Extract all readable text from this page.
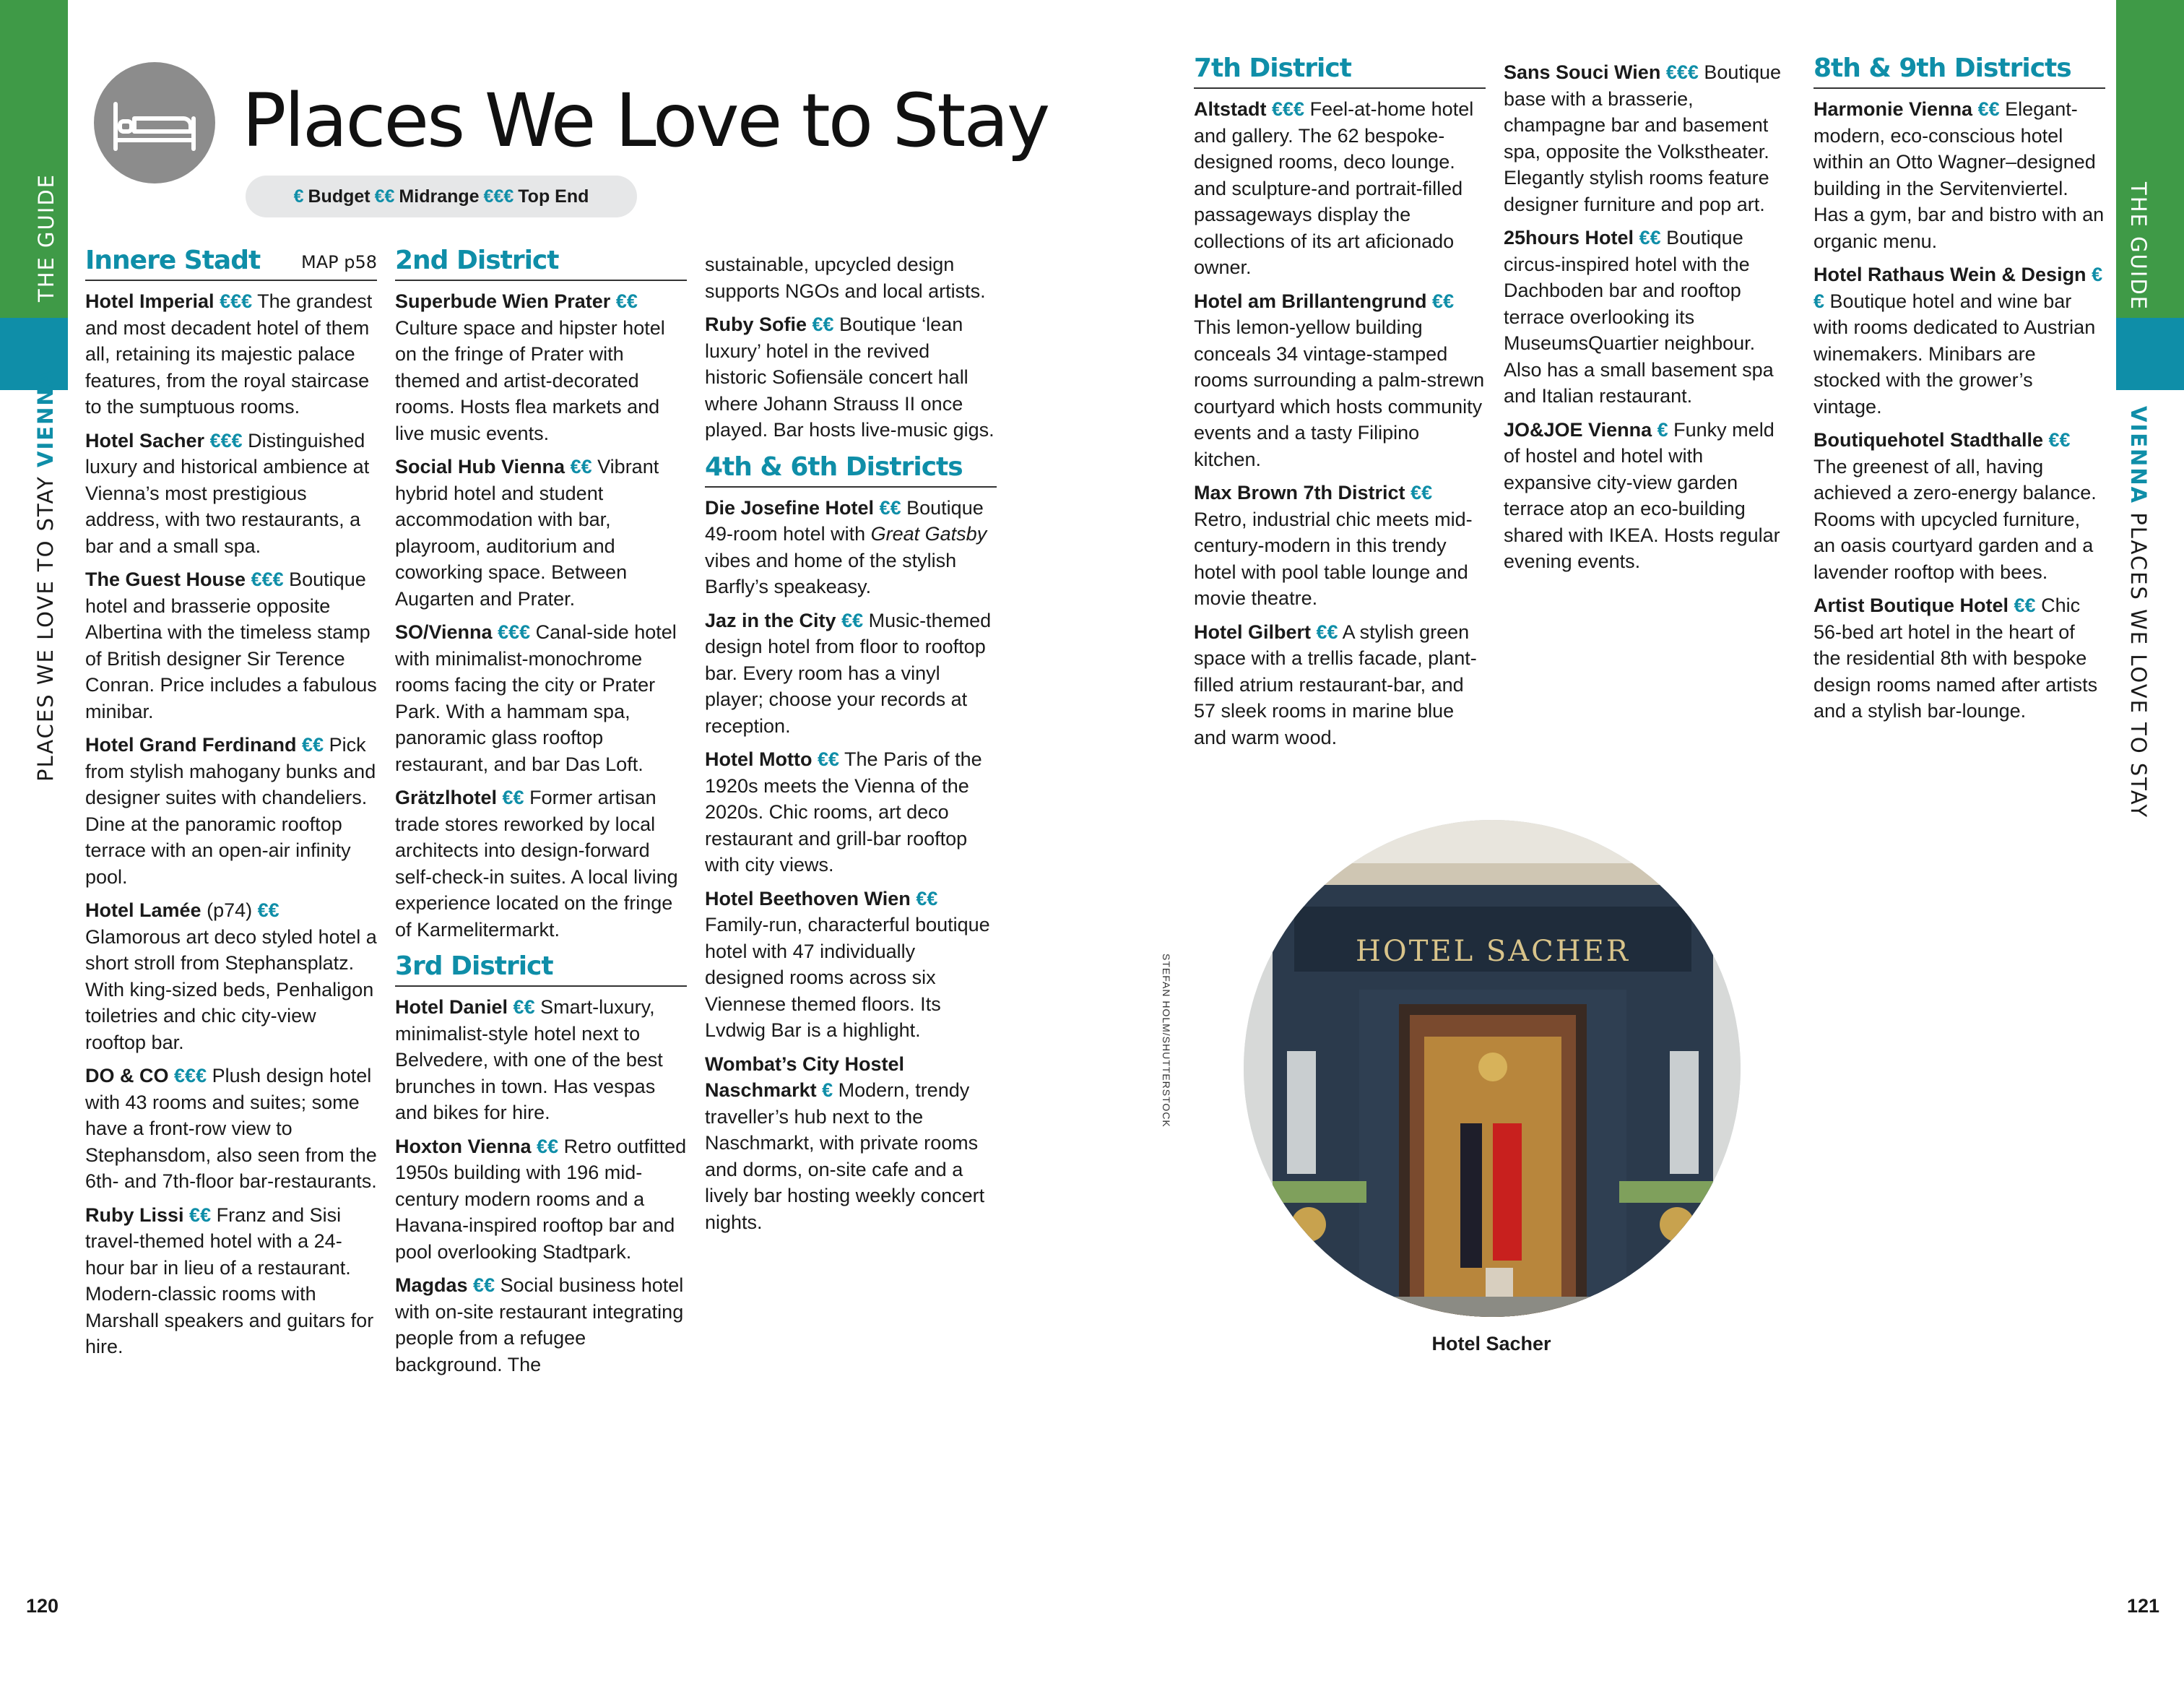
THE GUIDE
PLACES WE LOVE TO STAY VIENNA
THE GUIDE
VIENNA PLACES WE LOVE TO STAY
Places We Love to Stay
€ Budget €€ Midrange €€€ Top End
Innere Stadt MAP p58

Hotel Imperial €€€ The grandest and most decadent hotel of them all, retaining its majestic palace features, from the royal staircase to the sumptuous rooms.

Hotel Sacher €€€ Distinguished luxury and historical ambience at Vienna’s most prestigious address, with two restaurants, a bar and a small spa.

The Guest House €€€ Boutique hotel and brasserie opposite Albertina with the timeless stamp of British designer Sir Terence Conran. Price includes a fabulous minibar.

Hotel Grand Ferdinand €€ Pick from stylish mahogany bunks and designer suites with chandeliers. Dine at the panoramic rooftop terrace with an open-air infinity pool.

Hotel Lamée (p74) €€ Glamorous art deco styled hotel a short stroll from Stephansplatz. With king-sized beds, Penhaligon toiletries and chic city-view rooftop bar.

DO & CO €€€ Plush design hotel with 43 rooms and suites; some have a front-row view to Stephansdom, also seen from the 6th- and 7th-floor bar-restaurants.

Ruby Lissi €€ Franz and Sisi travel-themed hotel with a 24-hour bar in lieu of a restaurant. Modern-classic rooms with Marshall speakers and guitars for hire.

2nd District

Superbude Wien Prater €€ Culture space and hipster hotel on the fringe of Prater with themed and artist-decorated rooms. Hosts flea markets and live music events.

Social Hub Vienna €€ Vibrant hybrid hotel and student accommodation with bar, playroom, auditorium and coworking space. Between Augarten and Prater.

SO/Vienna €€€ Canal-side hotel with minimalist-monochrome rooms facing the city or Prater Park. With a hammam spa, panoramic glass rooftop restaurant, and bar Das Loft.

Grätzlhotel €€ Former artisan trade stores reworked by local architects into design-forward self-check-in suites. A local living experience located on the fringe of Karmelitermarkt.

3rd District

Hotel Daniel €€ Smart-luxury, minimalist-style hotel next to Belvedere, with one of the best brunches in town. Has vespas and bikes for hire.

Hoxton Vienna €€ Retro outfitted 1950s building with 196 mid-century modern rooms and a Havana-inspired rooftop bar and pool overlooking Stadtpark.

Magdas €€ Social business hotel with on-site restaurant integrating people from a refugee background. The

sustainable, upcycled design supports NGOs and local artists.

Ruby Sofie €€ Boutique ‘lean luxury’ hotel in the revived historic Sofiensäle concert hall where Johann Strauss II once played. Bar hosts live-music gigs.

4th & 6th Districts

Die Josefine Hotel €€ Boutique 49-room hotel with Great Gatsby vibes and home of the stylish Barfly’s speakeasy.

Jaz in the City €€ Music-themed design hotel from floor to rooftop bar. Every room has a vinyl player; choose your records at reception.

Hotel Motto €€ The Paris of the 1920s meets the Vienna of the 2020s. Chic rooms, art deco restaurant and grill-bar rooftop with city views.

Hotel Beethoven Wien €€ Family-run, characterful boutique hotel with 47 individually designed rooms across six Viennese themed floors. Its Lvdwig Bar is a highlight.

Wombat’s City Hostel Naschmarkt € Modern, trendy traveller’s hub next to the Naschmarkt, with private rooms and dorms, on-site cafe and a lively bar hosting weekly concert nights.

7th District

Altstadt €€€ Feel-at-home hotel and gallery. The 62 bespoke-designed rooms, deco lounge. and sculpture-and portrait-filled passageways display the collections of its art aficionado owner.

Hotel am Brillantengrund €€ This lemon-yellow building conceals 34 vintage-stamped rooms surrounding a palm-strewn courtyard which hosts community events and a tasty Filipino kitchen.

Max Brown 7th District €€ Retro, industrial chic meets mid-century-modern in this trendy hotel with pool table lounge and movie theatre.

Hotel Gilbert €€ A stylish green space with a trellis facade, plant-filled atrium restaurant-bar, and 57 sleek rooms in marine blue and warm wood.

Sans Souci Wien €€€ Boutique base with a brasserie, champagne bar and basement spa, opposite the Volkstheater. Elegantly stylish rooms feature designer furniture and pop art.

25hours Hotel €€ Boutique circus-inspired hotel with the Dachboden bar and rooftop terrace overlooking its MuseumsQuartier neighbour. Also has a small basement spa and Italian restaurant.

JO&JOE Vienna € Funky meld of hostel and hotel with expansive city-view garden terrace atop an eco-building shared with IKEA. Hosts regular evening events.

8th & 9th Districts

Harmonie Vienna €€ Elegant-modern, eco-conscious hotel within an Otto Wagner–designed building in the Servitenviertel. Has a gym, bar and bistro with an organic menu.

Hotel Rathaus Wein & Design €€ Boutique hotel and wine bar with rooms dedicated to Austrian winemakers. Minibars are stocked with the grower’s vintage.

Boutiquehotel Stadthalle €€ The greenest of all, having achieved a zero-energy balance. Rooms with upcycled furniture, an oasis courtyard garden and a lavender rooftop with bees.

Artist Boutique Hotel €€ Chic 56-bed art hotel in the heart of the residential 8th with bespoke design rooms named after artists and a stylish bar-lounge.

STEFAN HOLM/SHUTTERSTOCK
HOTEL SACHER
Hotel Sacher
120	121
